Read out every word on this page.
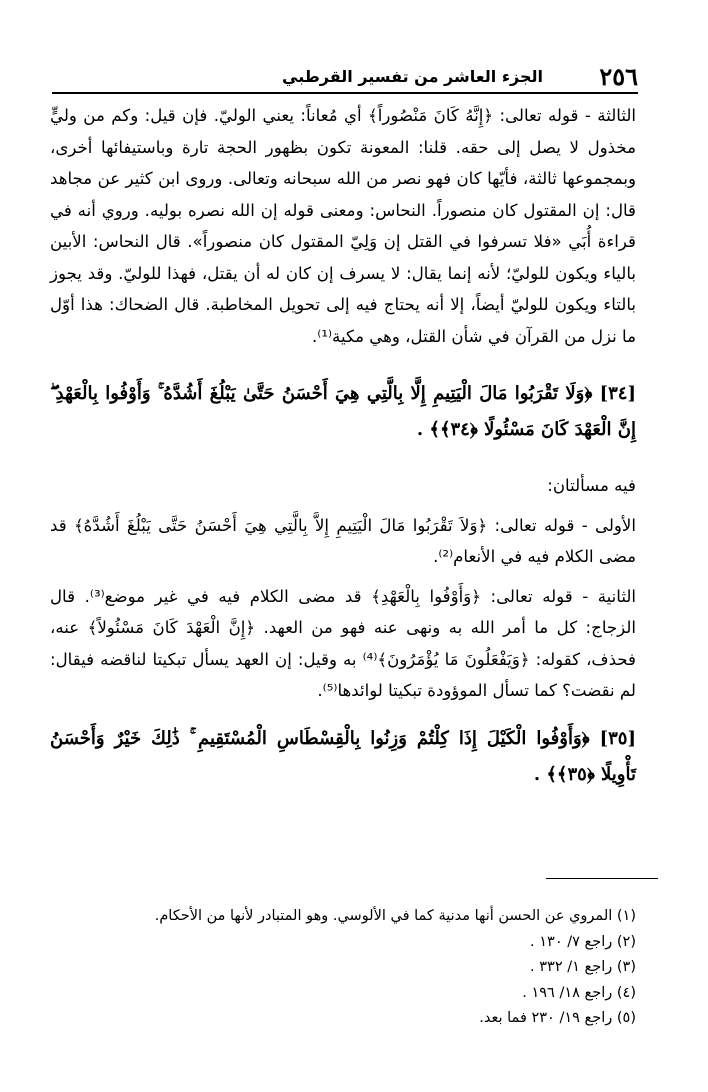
٢٥٦
الجزء العاشر من تفسير القرطبي

الثالثة - قوله تعالى: ﴿إِنَّهُ كَانَ مَنْصُوراً﴾ أي مُعاناً: يعني الوليّ. فإن قيل: وكم من وليٍّ مخذول لا يصل إلى حقه. قلنا: المعونة تكون بظهور الحجة تارة وباستيفائها أخرى، وبمجموعها ثالثة، فأيّها كان فهو نصر من الله سبحانه وتعالى. وروى ابن كثير عن مجاهد قال: إن المقتول كان منصوراً. النحاس: ومعنى قوله إن الله نصره بوليه. وروي أنه في قراءة أُبَي «فلا تسرفوا في القتل إن وَلِيّ المقتول كان منصوراً». قال النحاس: الأبين بالياء ويكون للوليّ؛ لأنه إنما يقال: لا يسرف إن كان له أن يقتل، فهذا للوليّ. وقد يجوز بالتاء ويكون للوليّ أيضاً، إلا أنه يحتاج فيه إلى تحويل المخاطبة. قال الضحاك: هذا أوّل ما نزل من القرآن في شأن القتل، وهي مكية⁽¹⁾.

[٣٤] ﴿وَلَا تَقْرَبُوا مَالَ الْيَتِيمِ إِلَّا بِالَّتِي هِيَ أَحْسَنُ حَتَّىٰ يَبْلُغَ أَشُدَّهُ ۚ وَأَوْفُوا بِالْعَهْدِ ۖ إِنَّ الْعَهْدَ كَانَ مَسْئُولًا ﴿٣٤﴾﴾ .

فيه مسألتان:

الأولى - قوله تعالى: ﴿وَلاَ تَقْرَبُوا مَالَ الْيَتِيمِ إِلاَّ بِالَّتِي هِيَ أَحْسَنُ حَتَّى يَبْلُغَ أَشُدَّهُ﴾ قد مضى الكلام فيه في الأنعام⁽²⁾.

الثانية - قوله تعالى: ﴿وَأَوْفُوا بِالْعَهْدِ﴾ قد مضى الكلام فيه في غير موضع⁽³⁾. قال الزجاج: كل ما أمر الله به ونهى عنه فهو من العهد. ﴿إِنَّ الْعَهْدَ كَانَ مَسْئُولاً﴾ عنه، فحذف، كقوله: ﴿وَيَفْعَلُونَ مَا يُؤْمَرُونَ﴾⁽⁴⁾ به وقيل: إن العهد يسأل تبكيتا لناقضه فيقال: لم نقضت؟ كما تسأل الموؤودة تبكيتا لوائدها⁽⁵⁾.

[٣٥] ﴿وَأَوْفُوا الْكَيْلَ إِذَا كِلْتُمْ وَزِنُوا بِالْقِسْطَاسِ الْمُسْتَقِيمِ ۚ ذَٰلِكَ خَيْرٌ وَأَحْسَنُ تَأْوِيلًا ﴿٣٥﴾﴾ .

(١) المروي عن الحسن أنها مدنية كما في الألوسي. وهو المتبادر لأنها من الأحكام.

(٢) راجع ٧/ ١٣٠ .

(٣) راجع ١/ ٣٣٢ .

(٤) راجع ١٨/ ١٩٦ .

(٥) راجع ١٩/ ٢٣٠ فما بعد.
